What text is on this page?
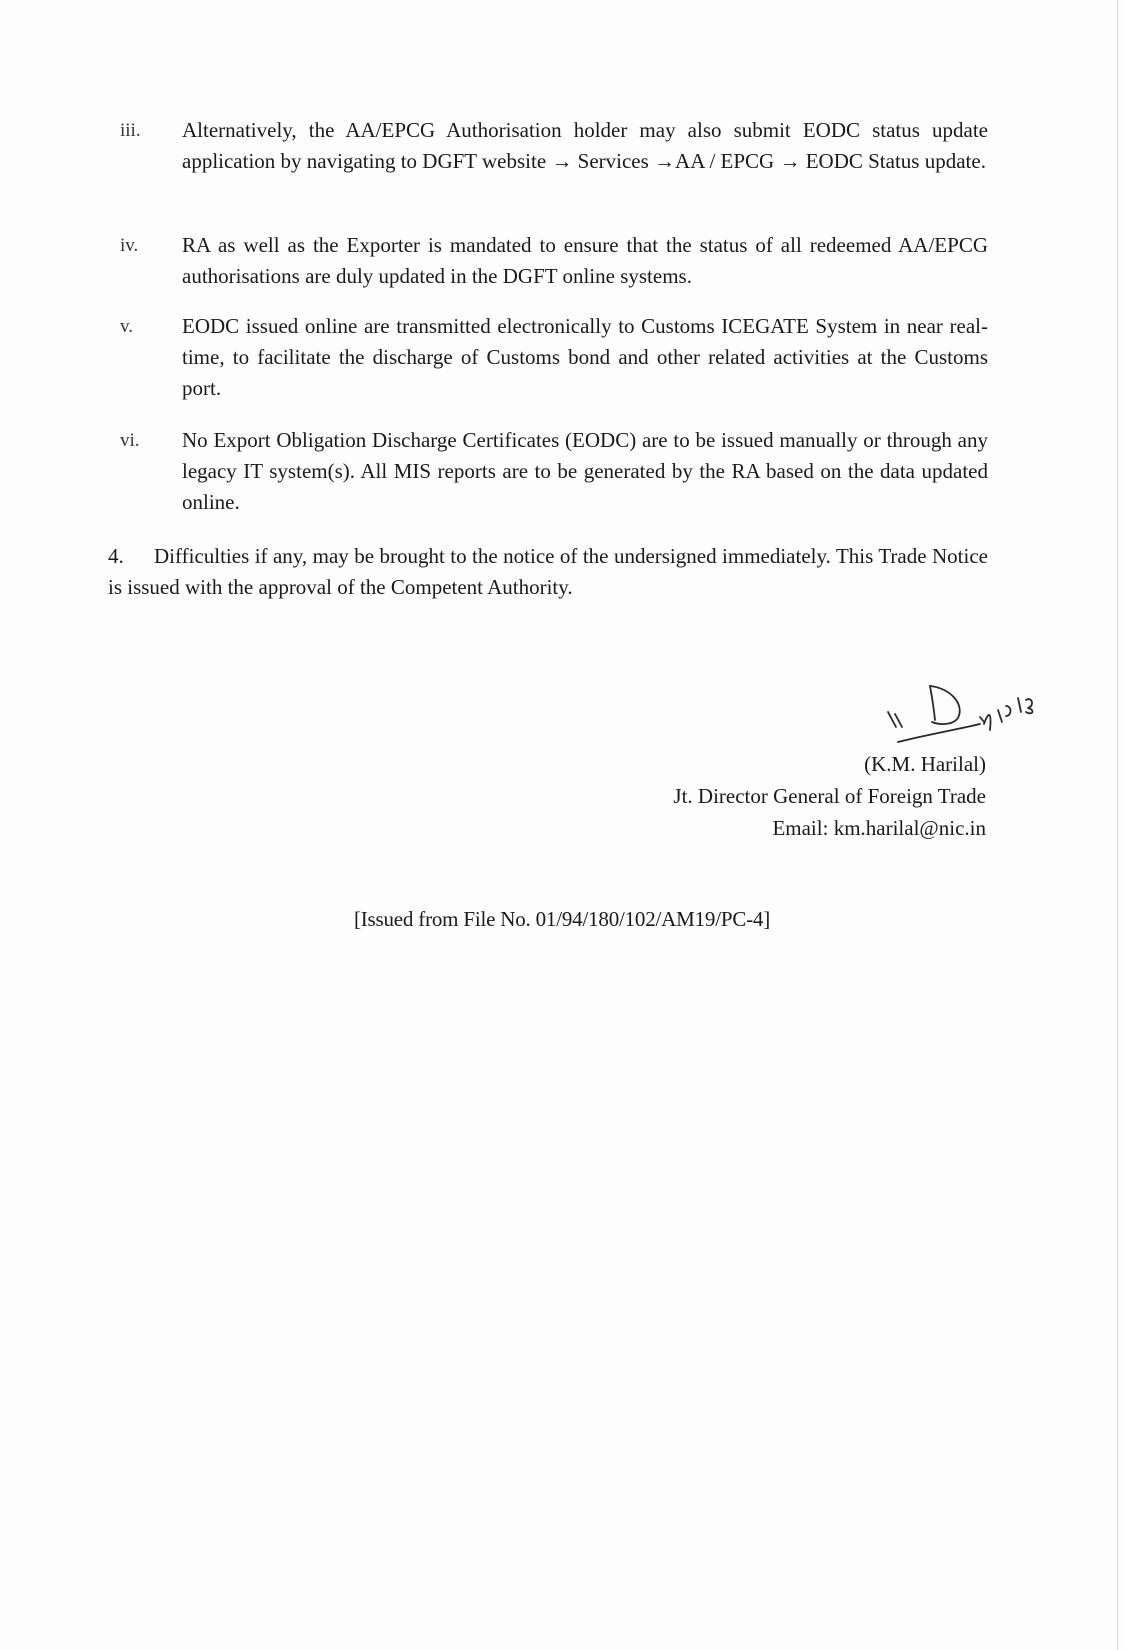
iii.	Alternatively, the AA/EPCG Authorisation holder may also submit EODC status update application by navigating to DGFT website → Services →AA / EPCG → EODC Status update.
iv.	RA as well as the Exporter is mandated to ensure that the status of all redeemed AA/EPCG authorisations are duly updated in the DGFT online systems.
v.	EODC issued online are transmitted electronically to Customs ICEGATE System in near real-time, to facilitate the discharge of Customs bond and other related activities at the Customs port.
vi.	No Export Obligation Discharge Certificates (EODC) are to be issued manually or through any legacy IT system(s). All MIS reports are to be generated by the RA based on the data updated online.
4. Difficulties if any, may be brought to the notice of the undersigned immediately. This Trade Notice is issued with the approval of the Competent Authority.
(K.M. Harilal)
Jt. Director General of Foreign Trade
Email: km.harilal@nic.in
[Issued from File No. 01/94/180/102/AM19/PC-4]
